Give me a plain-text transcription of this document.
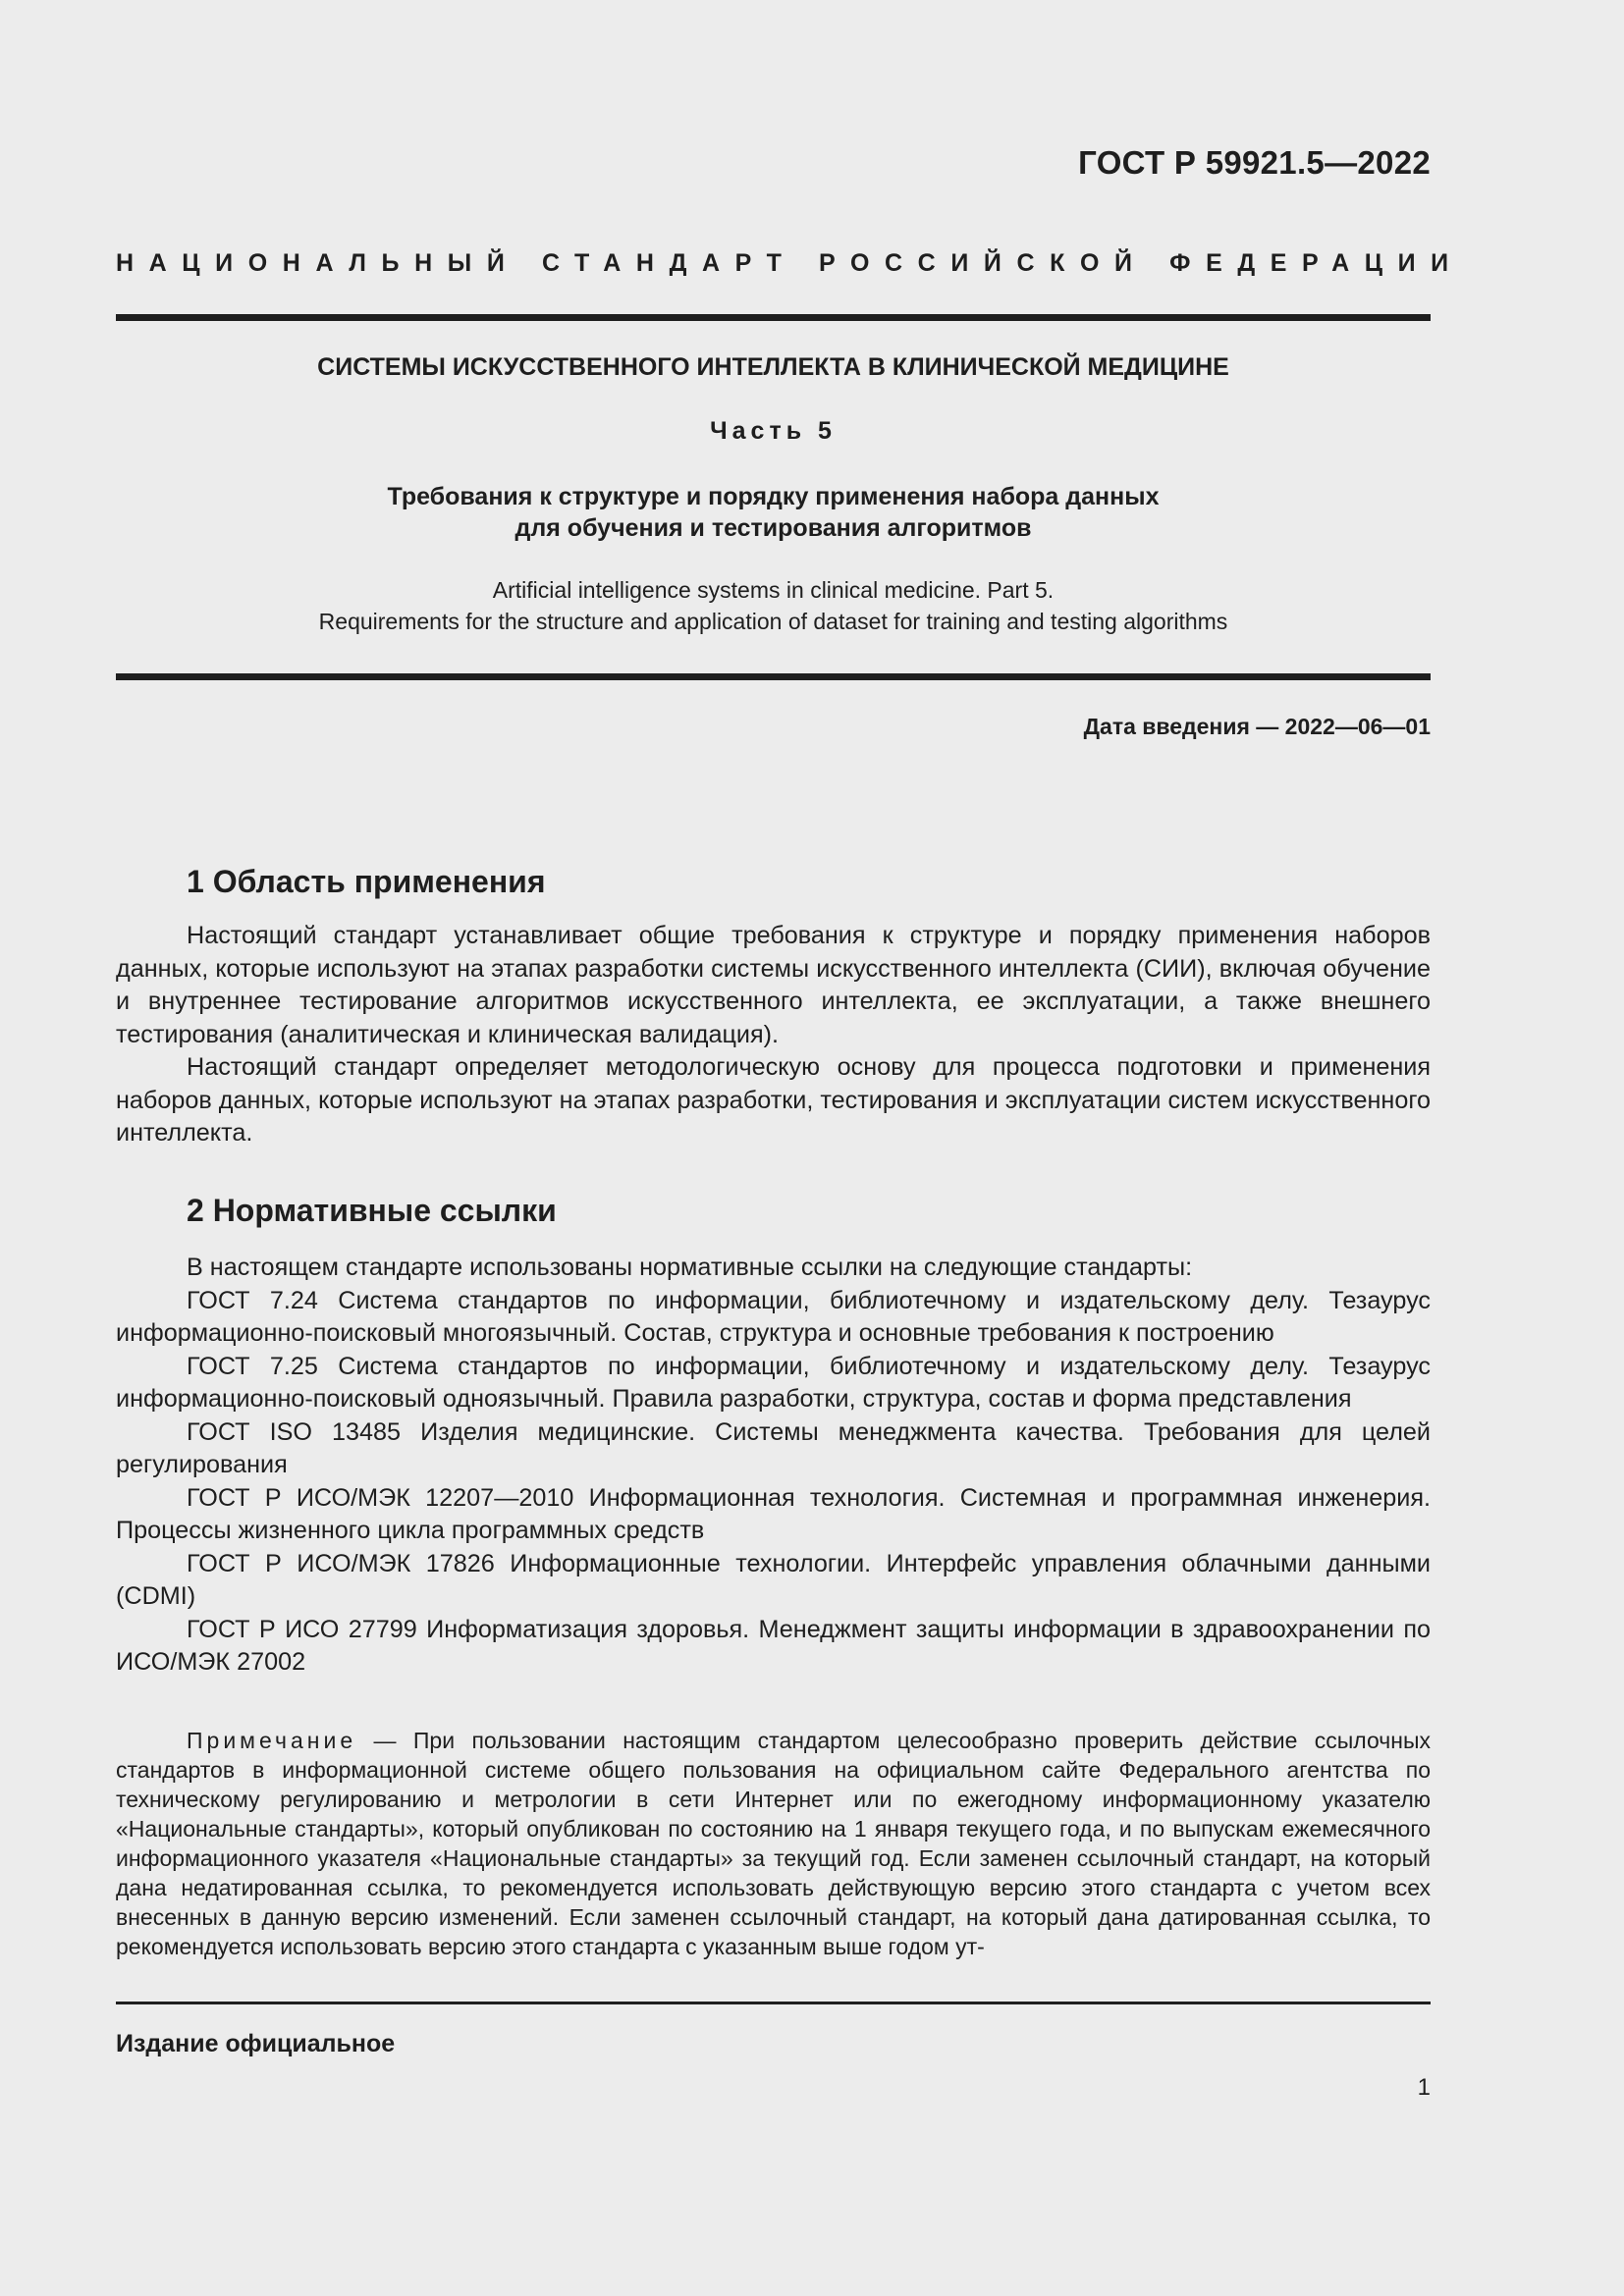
ГОСТ Р 59921.5—2022
НАЦИОНАЛЬНЫЙ СТАНДАРТ РОССИЙСКОЙ ФЕДЕРАЦИИ
СИСТЕМЫ ИСКУССТВЕННОГО ИНТЕЛЛЕКТА В КЛИНИЧЕСКОЙ МЕДИЦИНЕ
Часть 5
Требования к структуре и порядку применения набора данных
для обучения и тестирования алгоритмов
Artificial intelligence systems in clinical medicine. Part 5.
Requirements for the structure and application of dataset for training and testing algorithms
Дата введения — 2022—06—01
1 Область применения

Настоящий стандарт устанавливает общие требования к структуре и порядку применения наборов данных, которые используют на этапах разработки системы искусственного интеллекта (СИИ), включая обучение и внутреннее тестирование алгоритмов искусственного интеллекта, ее эксплуатации, а также внешнего тестирования (аналитическая и клиническая валидация).

Настоящий стандарт определяет методологическую основу для процесса подготовки и применения наборов данных, которые используют на этапах разработки, тестирования и эксплуатации систем искусственного интеллекта.

2 Нормативные ссылки

В настоящем стандарте использованы нормативные ссылки на следующие стандарты:

ГОСТ 7.24 Система стандартов по информации, библиотечному и издательскому делу. Тезаурус информационно-поисковый многоязычный. Состав, структура и основные требования к построению

ГОСТ 7.25 Система стандартов по информации, библиотечному и издательскому делу. Тезаурус информационно-поисковый одноязычный. Правила разработки, структура, состав и форма представления

ГОСТ ISO 13485 Изделия медицинские. Системы менеджмента качества. Требования для целей регулирования

ГОСТ Р ИСО/МЭК 12207—2010 Информационная технология. Системная и программная инженерия. Процессы жизненного цикла программных средств

ГОСТ Р ИСО/МЭК 17826 Информационные технологии. Интерфейс управления облачными данными (CDMI)

ГОСТ Р ИСО 27799 Информатизация здоровья. Менеджмент защиты информации в здравоохранении по ИСО/МЭК 27002

Примечание — При пользовании настоящим стандартом целесообразно проверить действие ссылочных стандартов в информационной системе общего пользования на официальном сайте Федерального агентства по техническому регулированию и метрологии в сети Интернет или по ежегодному информационному указателю «Национальные стандарты», который опубликован по состоянию на 1 января текущего года, и по выпускам ежемесячного информационного указателя «Национальные стандарты» за текущий год. Если заменен ссылочный стандарт, на который дана недатированная ссылка, то рекомендуется использовать действующую версию этого стандарта с учетом всех внесенных в данную версию изменений. Если заменен ссылочный стандарт, на который дана датированная ссылка, то рекомендуется использовать версию этого стандарта с указанным выше годом ут-

Издание официальное
1
